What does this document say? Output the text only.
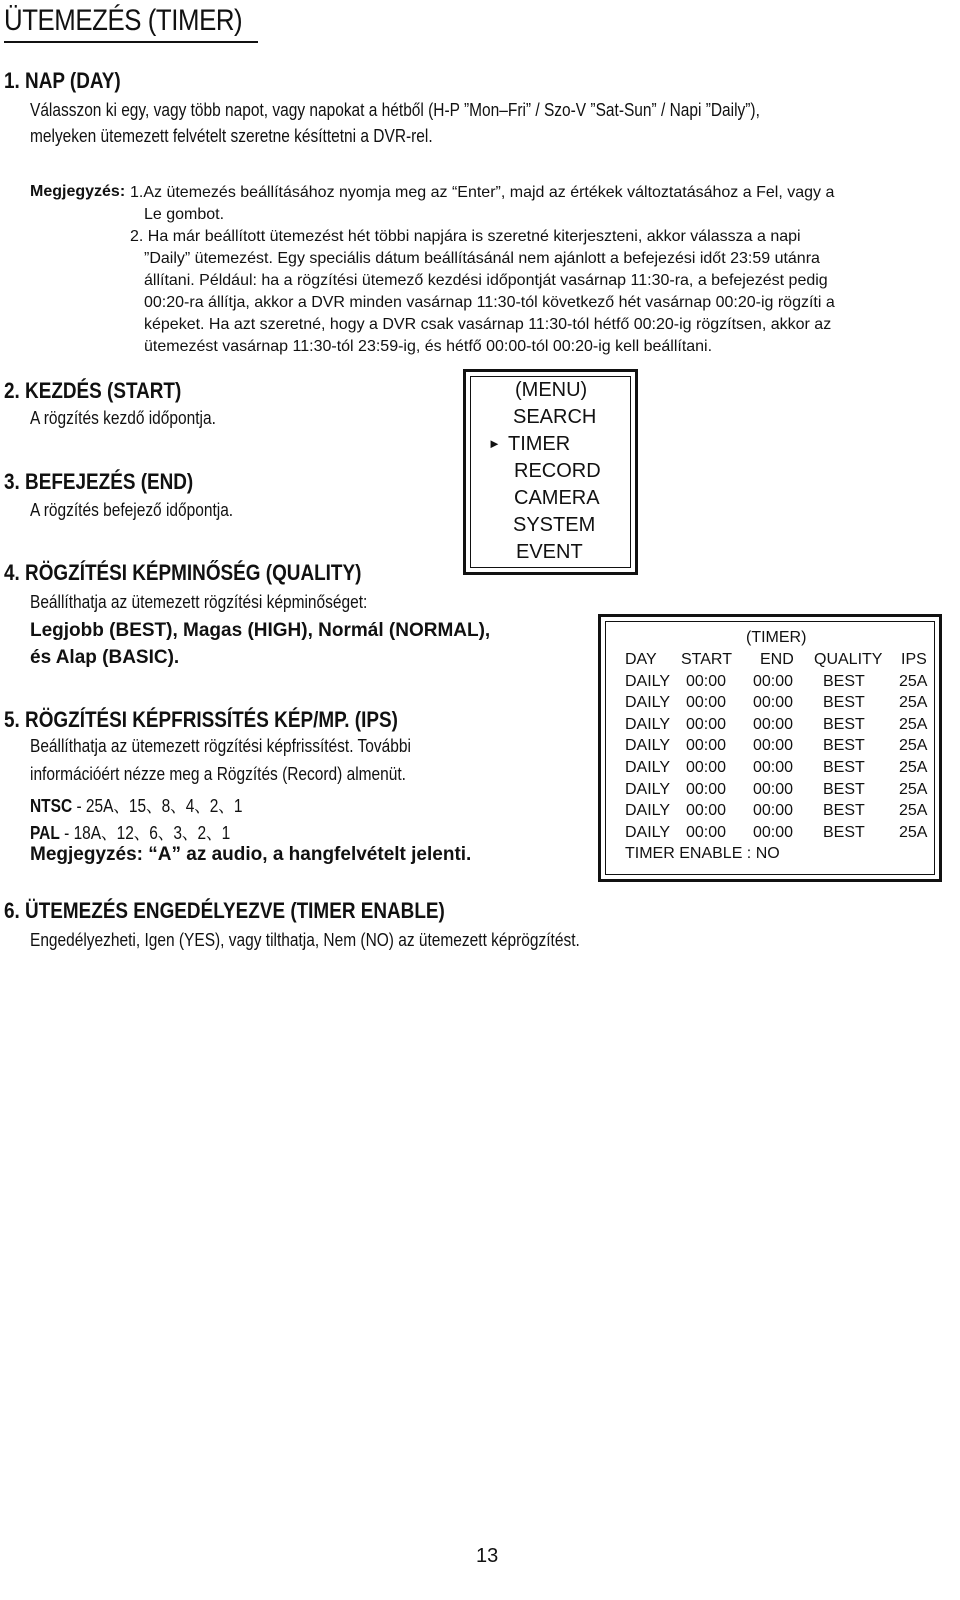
ÜTEMEZÉS (TIMER)
1. NAP (DAY)
Válasszon ki egy, vagy több napot, vagy napokat a hétből (H-P ”Mon–Fri” / Szo-V ”Sat-Sun” / Napi ”Daily”),
melyeken ütemezett felvételt szeretne késíttetni a DVR-rel.
Megjegyzés: 1.Az ütemezés beállításához nyomja meg az “Enter”, majd az értékek változtatásához a Fel, vagy a
Le gombot.
2. Ha már beállított ütemezést hét többi napjára is szeretné kiterjeszteni, akkor válassza a napi
”Daily” ütemezést. Egy speciális dátum beállításánál nem ajánlott a befejezési időt 23:59 utánra
állítani. Például: ha a rögzítési ütemező kezdési időpontját vasárnap 11:30-ra, a befejezést pedig
00:20-ra állítja, akkor a DVR minden vasárnap 11:30-tól következő hét vasárnap 00:20-ig rögzíti a
képeket. Ha azt szeretné, hogy a DVR csak vasárnap 11:30-tól hétfő 00:20-ig rögzítsen, akkor az
ütemezést vasárnap 11:30-tól 23:59-ig, és hétfő 00:00-tól 00:20-ig kell beállítani.
2. KEZDÉS (START)
A rögzítés kezdő időpontja.
3. BEFEJEZÉS (END)
A rögzítés befejező időpontja.
(MENU)
SEARCH
► TIMER
RECORD
CAMERA
SYSTEM
EVENT
4. RÖGZÍTÉSI KÉPMINŐSÉG (QUALITY)
Beállíthatja az ütemezett rögzítési képminőséget:
Legjobb (BEST), Magas (HIGH), Normál (NORMAL),
és Alap (BASIC).
(TIMER)
DAY START END QUALITY IPS
DAILY 00:00 00:00 BEST 25A
DAILY 00:00 00:00 BEST 25A
DAILY 00:00 00:00 BEST 25A
DAILY 00:00 00:00 BEST 25A
DAILY 00:00 00:00 BEST 25A
DAILY 00:00 00:00 BEST 25A
DAILY 00:00 00:00 BEST 25A
DAILY 00:00 00:00 BEST 25A
TIMER ENABLE : NO
5. RÖGZÍTÉSI KÉPFRISSÍTÉS KÉP/MP. (IPS)
Beállíthatja az ütemezett rögzítési képfrissítést. További
információért nézze meg a Rögzítés (Record) almenüt.
NTSC - 25A、15、8、4、2、1
PAL - 18A、12、6、3、2、1
Megjegyzés: “A” az audio, a hangfelvételt jelenti.
6. ÜTEMEZÉS ENGEDÉLYEZVE (TIMER ENABLE)
Engedélyezheti, Igen (YES), vagy tilthatja, Nem (NO) az ütemezett képrögzítést.
13
